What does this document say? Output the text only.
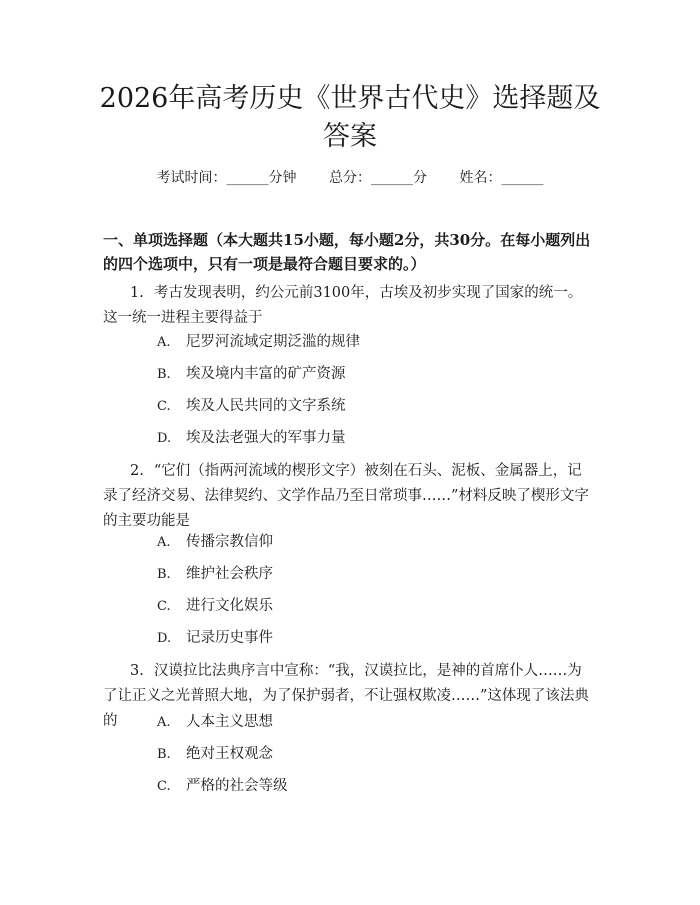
2026年高考历史《世界古代史》选择题及答案
考试时间：______分钟 总分：______分 姓名：______

一、单项选择题（本大题共15小题，每小题2分，共30分。在每小题列出的四个选项中，只有一项是最符合题目要求的。）

1. 考古发现表明，约公元前3100年，古埃及初步实现了国家的统一。这一统一进程主要得益于

A. 尼罗河流域定期泛滥的规律

B. 埃及境内丰富的矿产资源

C. 埃及人民共同的文字系统

D. 埃及法老强大的军事力量

2. “它们（指两河流域的楔形文字）被刻在石头、泥板、金属器上，记录了经济交易、法律契约、文学作品乃至日常琐事……”材料反映了楔形文字的主要功能是

A. 传播宗教信仰

B. 维护社会秩序

C. 进行文化娱乐

D. 记录历史事件

3. 汉谟拉比法典序言中宣称：“我，汉谟拉比，是神的首席仆人……为了让正义之光普照大地，为了保护弱者，不让强权欺凌……”这体现了该法典的	A. 人本主义思想

B. 绝对王权观念

C. 严格的社会等级
